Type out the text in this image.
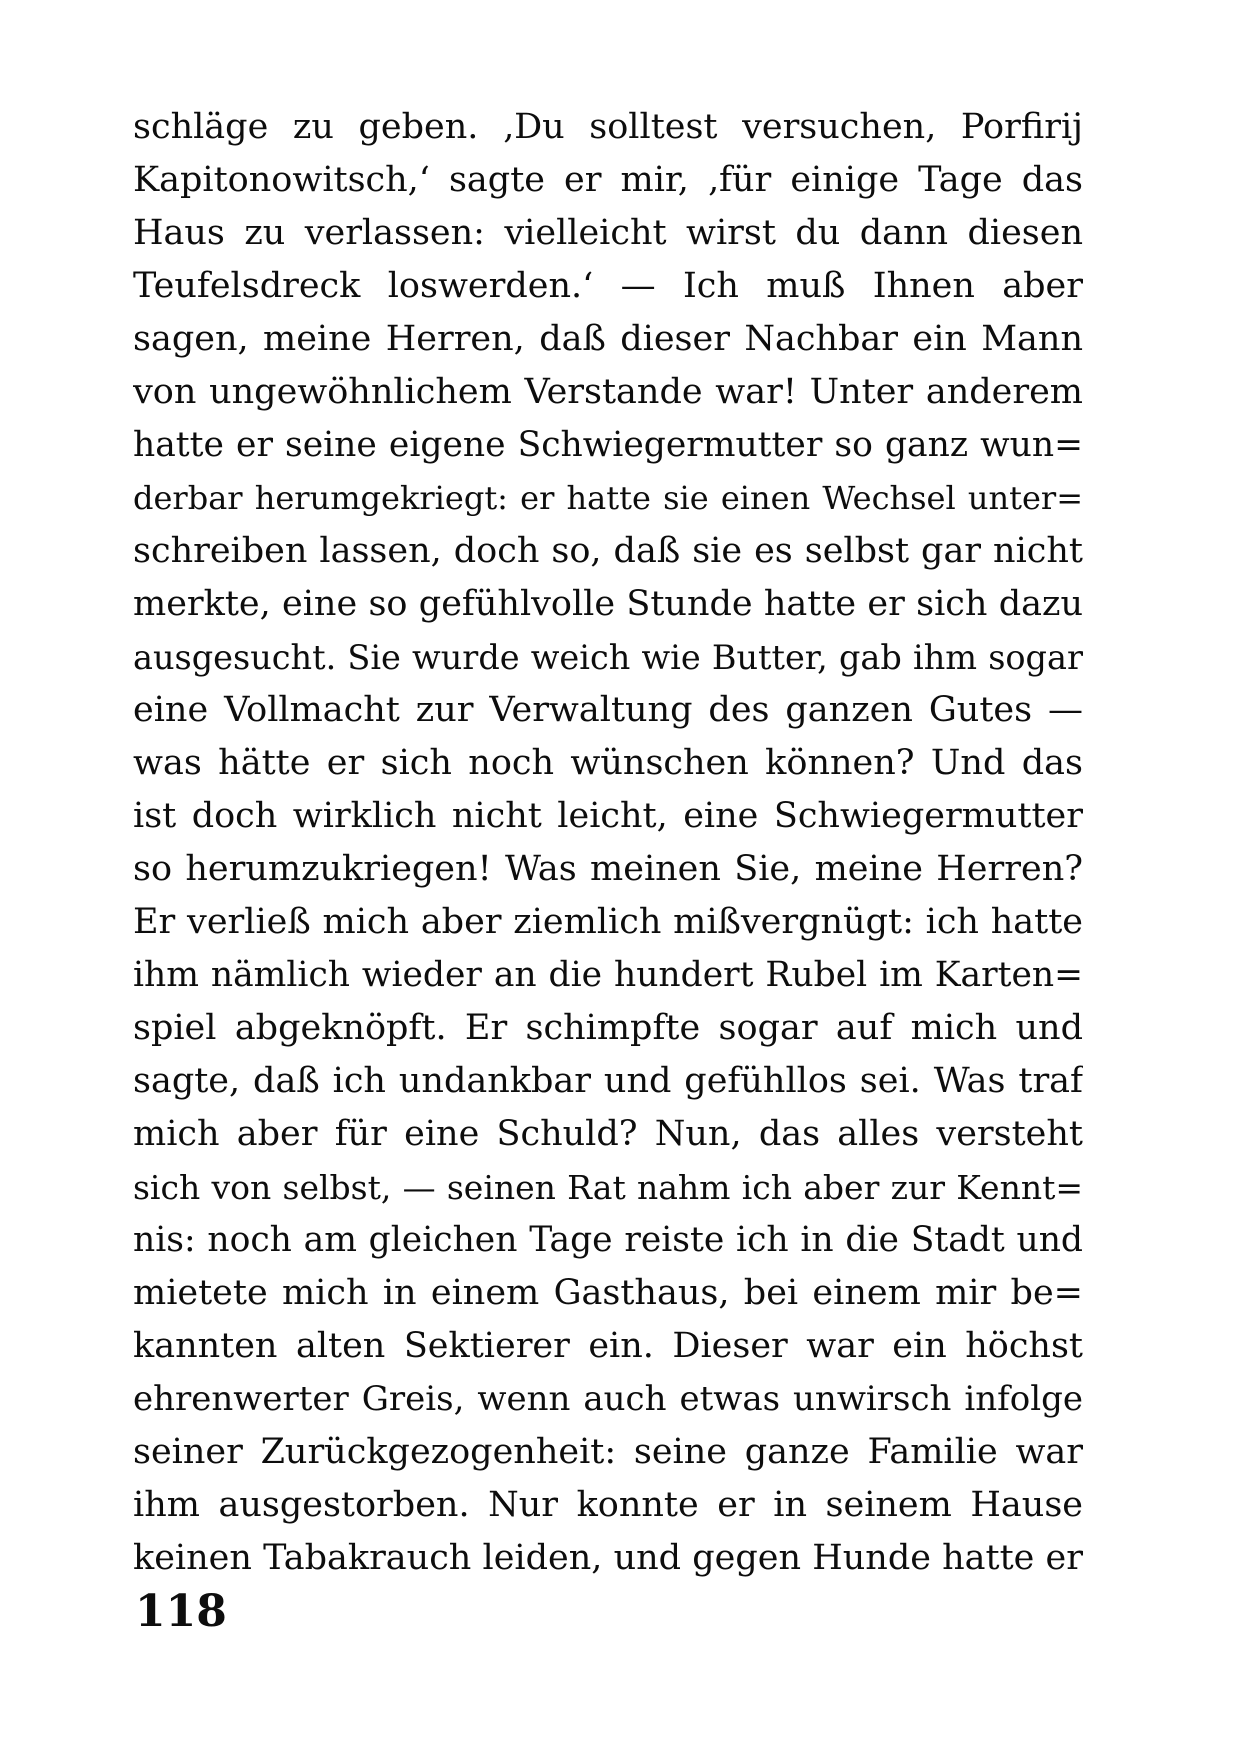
schläge zu geben. ‚Du solltest versuchen, Porfirij
Kapitonowitsch,‘ sagte er mir, ‚für einige Tage das
Haus zu verlassen: vielleicht wirst du dann diesen
Teufelsdreck loswerden.‘ — Ich muß Ihnen aber
sagen, meine Herren, daß dieser Nachbar ein Mann
von ungewöhnlichem Verstande war! Unter anderem
hatte er seine eigene Schwiegermutter so ganz wun=
derbar herumgekriegt: er hatte sie einen Wechsel unter=
schreiben lassen, doch so, daß sie es selbst gar nicht
merkte, eine so gefühlvolle Stunde hatte er sich dazu
ausgesucht. Sie wurde weich wie Butter, gab ihm sogar
eine Vollmacht zur Verwaltung des ganzen Gutes —
was hätte er sich noch wünschen können? Und das
ist doch wirklich nicht leicht, eine Schwiegermutter
so herumzukriegen! Was meinen Sie, meine Herren?
Er verließ mich aber ziemlich mißvergnügt: ich hatte
ihm nämlich wieder an die hundert Rubel im Karten=
spiel abgeknöpft. Er schimpfte sogar auf mich und
sagte, daß ich undankbar und gefühllos sei. Was traf
mich aber für eine Schuld? Nun, das alles versteht
sich von selbst, — seinen Rat nahm ich aber zur Kennt=
nis: noch am gleichen Tage reiste ich in die Stadt und
mietete mich in einem Gasthaus, bei einem mir be=
kannten alten Sektierer ein. Dieser war ein höchst
ehrenwerter Greis, wenn auch etwas unwirsch infolge
seiner Zurückgezogenheit: seine ganze Familie war
ihm ausgestorben. Nur konnte er in seinem Hause
keinen Tabakrauch leiden, und gegen Hunde hatte er
118
